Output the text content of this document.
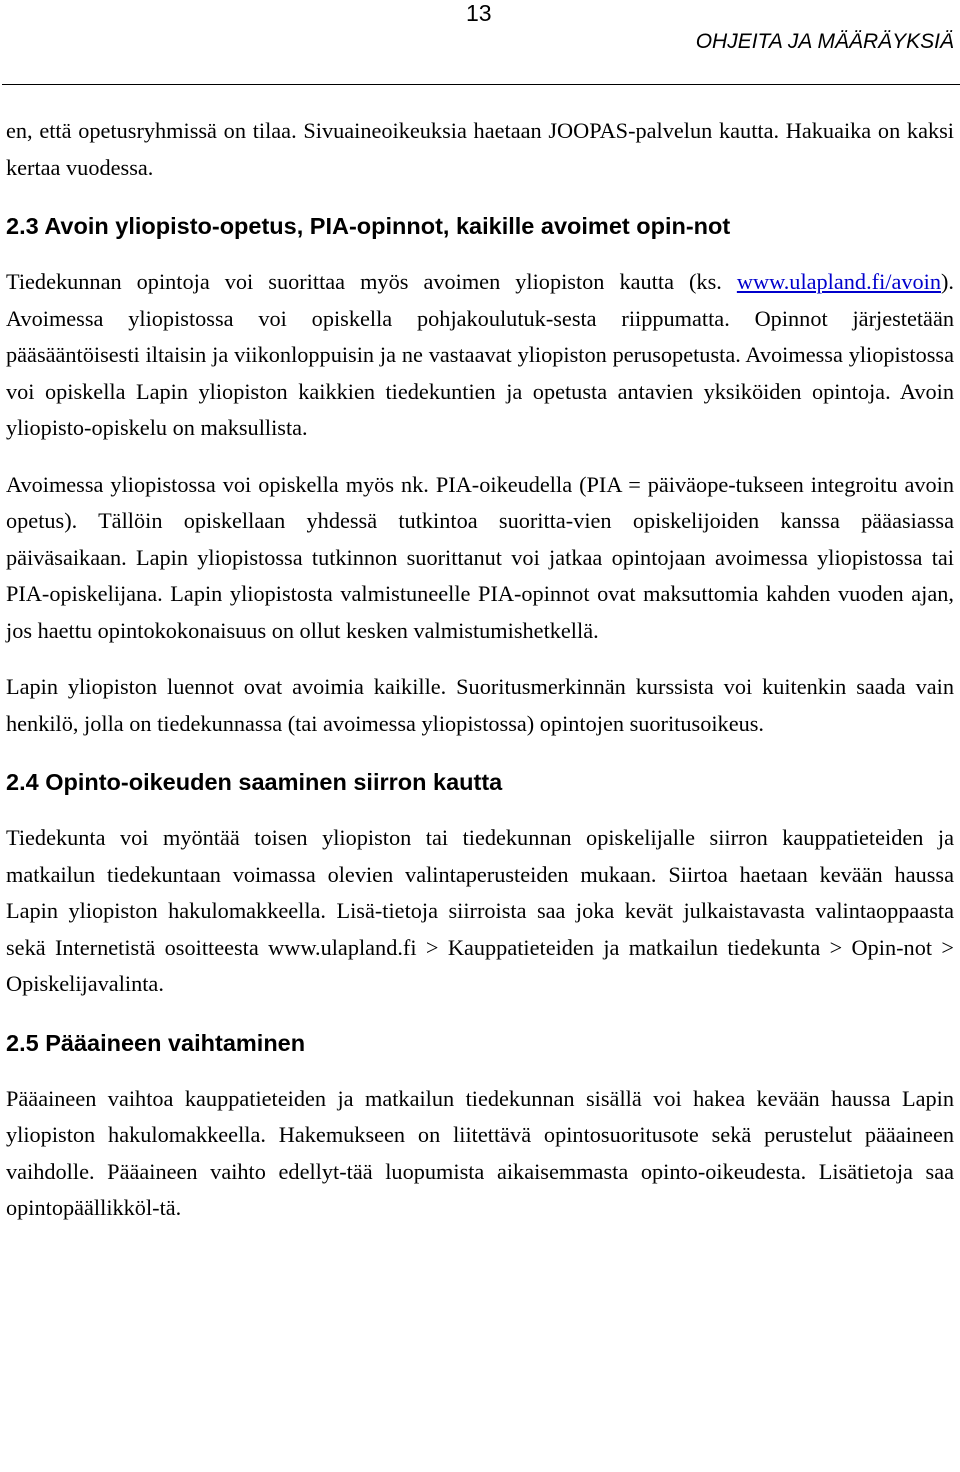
13
OHJEITA JA MÄÄRÄYKSIÄ

en, että opetusryhmissä on tilaa. Sivuaineoikeuksia haetaan JOOPAS-palvelun kautta. Hakuaika on kaksi kertaa vuodessa.

2.3 Avoin yliopisto-opetus, PIA-opinnot, kaikille avoimet opin-not

Tiedekunnan opintoja voi suorittaa myös avoimen yliopiston kautta (ks. www.ulapland.fi/avoin). Avoimessa yliopistossa voi opiskella pohjakoulutuk-sesta riippumatta. Opinnot järjestetään pääsääntöisesti iltaisin ja viikonloppuisin ja ne vastaavat yliopiston perusopetusta. Avoimessa yliopistossa voi opiskella Lapin yliopiston kaikkien tiedekuntien ja opetusta antavien yksiköiden opintoja. Avoin yliopisto-opiskelu on maksullista.

Avoimessa yliopistossa voi opiskella myös nk. PIA-oikeudella (PIA = päiväope-tukseen integroitu avoin opetus). Tällöin opiskellaan yhdessä tutkintoa suoritta-vien opiskelijoiden kanssa pääasiassa päiväsaikaan. Lapin yliopistossa tutkinnon suorittanut voi jatkaa opintojaan avoimessa yliopistossa tai PIA-opiskelijana. Lapin yliopistosta valmistuneelle PIA-opinnot ovat maksuttomia kahden vuoden ajan, jos haettu opintokokonaisuus on ollut kesken valmistumishetkellä.

Lapin yliopiston luennot ovat avoimia kaikille. Suoritusmerkinnän kurssista voi kuitenkin saada vain henkilö, jolla on tiedekunnassa (tai avoimessa yliopistossa) opintojen suoritusoikeus.

2.4 Opinto-oikeuden saaminen siirron kautta

Tiedekunta voi myöntää toisen yliopiston tai tiedekunnan opiskelijalle siirron kauppatieteiden ja matkailun tiedekuntaan voimassa olevien valintaperusteiden mukaan. Siirtoa haetaan kevään haussa Lapin yliopiston hakulomakkeella. Lisä-tietoja siirroista saa joka kevät julkaistavasta valintaoppaasta sekä Internetistä osoitteesta www.ulapland.fi > Kauppatieteiden ja matkailun tiedekunta > Opin-not > Opiskelijavalinta.

2.5 Pääaineen vaihtaminen

Pääaineen vaihtoa kauppatieteiden ja matkailun tiedekunnan sisällä voi hakea kevään haussa Lapin yliopiston hakulomakkeella. Hakemukseen on liitettävä opintosuoritusote sekä perustelut pääaineen vaihdolle. Pääaineen vaihto edellyt-tää luopumista aikaisemmasta opinto-oikeudesta. Lisätietoja saa opintopäällikköl-tä.
